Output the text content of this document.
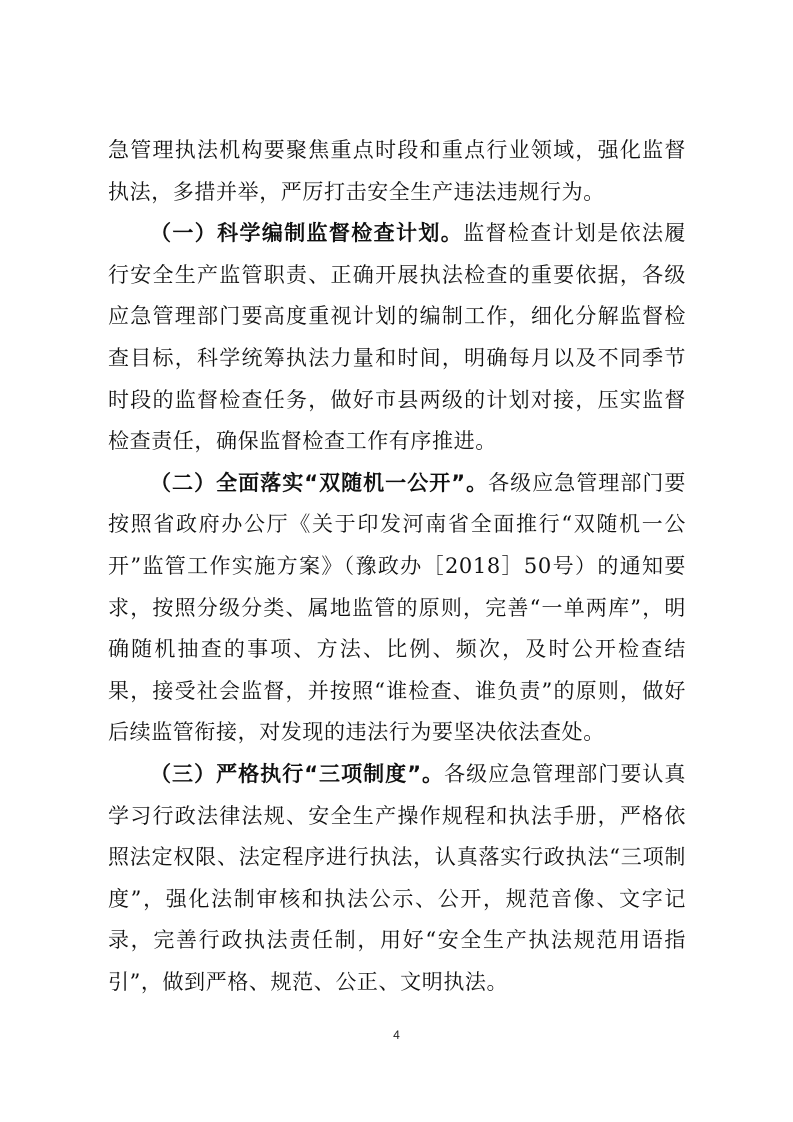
急管理执法机构要聚焦重点时段和重点行业领域，强化监督执法，多措并举，严厉打击安全生产违法违规行为。

（一）科学编制监督检查计划。监督检查计划是依法履行安全生产监管职责、正确开展执法检查的重要依据，各级应急管理部门要高度重视计划的编制工作，细化分解监督检查目标，科学统筹执法力量和时间，明确每月以及不同季节时段的监督检查任务，做好市县两级的计划对接，压实监督检查责任，确保监督检查工作有序推进。

（二）全面落实“双随机一公开”。各级应急管理部门要按照省政府办公厅《关于印发河南省全面推行“双随机一公开”监管工作实施方案》（豫政办［2018］50号）的通知要求，按照分级分类、属地监管的原则，完善“一单两库”，明确随机抽查的事项、方法、比例、频次，及时公开检查结果，接受社会监督，并按照“谁检查、谁负责”的原则，做好后续监管衔接，对发现的违法行为要坚决依法查处。

（三）严格执行“三项制度”。各级应急管理部门要认真学习行政法律法规、安全生产操作规程和执法手册，严格依照法定权限、法定程序进行执法，认真落实行政执法“三项制度”，强化法制审核和执法公示、公开，规范音像、文字记录，完善行政执法责任制，用好“安全生产执法规范用语指引”，做到严格、规范、公正、文明执法。

4
